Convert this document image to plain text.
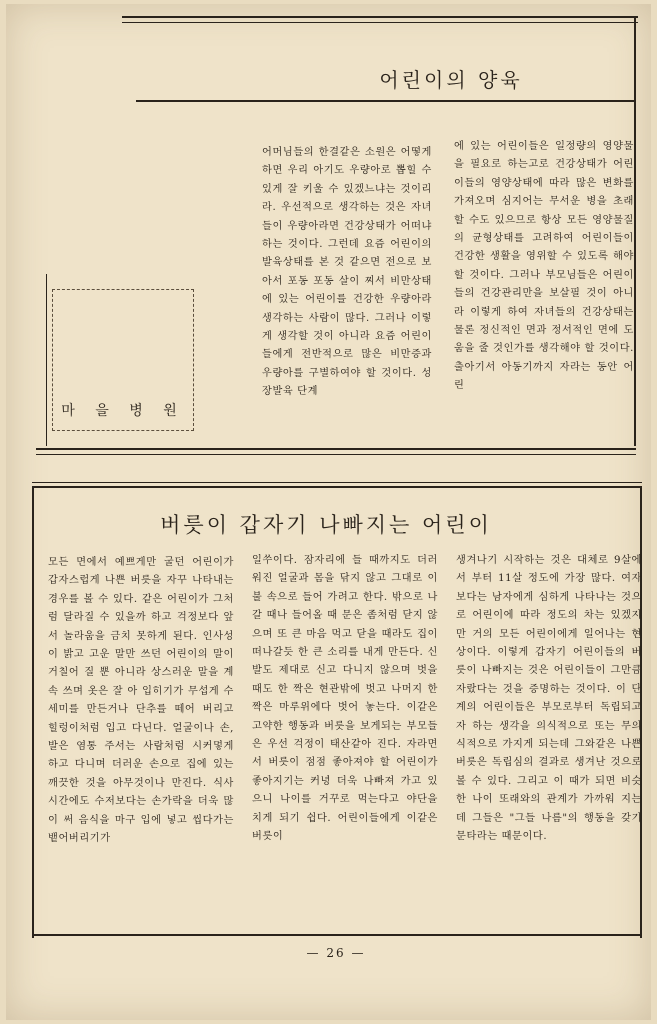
어린이의 양육
마 을 병 원
어머님들의 한결같은 소원은 어떻게 하면 우리 아기도 우량아로 뽑힐 수 있게 잘 키울 수 있겠느냐는 것이리라. 우선적으로 생각하는 것은 자녀들이 우량아라면 건강상태가 어떠냐 하는 것이다. 그런데 요즘 어린이의 발육상태를 본 것 같으면 전으로 보아서 포동 포동 살이 찌서 비만상태에 있는 어린이를 건강한 우량아라 생각하는 사람이 많다. 그러나 이렇게 생각할 것이 아니라 요즘 어린이들에게 전반적으로 많은 비만증과 우량아를 구별하여야 할 것이다. 성장발육 단계
에 있는 어린이들은 일정량의 영양물을 필요로 하는고로 건강상태가 어린이들의 영양상태에 따라 많은 변화를 가져오며 심지어는 무서운 병을 초래할 수도 있으므로 항상 모든 영양물질의 균형상태를 고려하여 어린이들이 건강한 생활을 영위할 수 있도록 해야할 것이다. 그러나 부모님들은 어린이들의 건강관리만을 보살필 것이 아니라 이렇게 하여 자녀들의 건강상태는 물론 정신적인 면과 정서적인 면에 도움을 줄 것인가를 생각해야 할 것이다. 출아기서 아동기까지 자라는 동안 어린
버릇이 갑자기 나빠지는 어린이
모든 면에서 예쁘게만 굴던 어린이가 갑자스럽게 나쁜 버릇을 자꾸 나타내는 경우를 볼 수 있다. 같은 어린이가 그처럼 달라질 수 있을까 하고 걱정보다 앞서 놀라움을 금치 못하게 된다. 인사성이 밝고 고운 말만 쓰던 어린이의 말이 거칠어 질 뿐 아니라 상스러운 말을 계속 쓰며 옷은 잘 아 입히기가 무섭게 수세미를 만든거나 단추를 떼어 버리고 힐렁이처럼 입고 다닌다. 얼굴이나 손, 발은 염통 주서는 사람처럼 시커멓게 하고 다니며 더러운 손으로 집에 있는 깨끗한 것을 아무것이나 만진다. 식사시간에도 수저보다는 손가락을 더욱 많이 써 음식을 마구 입에 넣고 씹다가는 뱉어버리기가
일쑤이다. 잠자리에 들 때까지도 더러워진 얼굴과 몸을 닦지 않고 그대로 이불 속으로 들어 가려고 한다. 밖으로 나갈 때나 들어올 때 문은 좀처럼 닫지 않으며 또 큰 마음 먹고 닫을 때라도 집이 떠나갈듯 한 큰 소리를 내게 만든다. 신발도 제대로 신고 다니지 않으며 벗을 때도 한 짝은 현관밖에 벗고 나머지 한 짝은 마루위에다 벗어 놓는다. 이같은 고약한 행동과 버릇을 보게되는 부모들은 우선 걱정이 태산같아 진다. 자라면서 버릇이 점점 좋아져야 할 어린이가 좋아지기는 커녕 더욱 나빠져 가고 있으니 나이를 거꾸로 먹는다고 야단을 치게 되기 쉽다. 어린이들에게 이같은 버릇이
생겨나기 시작하는 것은 대체로 9살에서 부터 11살 정도에 가장 많다. 여자보다는 남자에게 심하게 나타나는 것으로 어린이에 따라 정도의 차는 있겠지만 거의 모든 어린이에게 일어나는 현상이다. 이렇게 갑자기 어린이들의 버릇이 나빠지는 것은 어린이들이 그만큼 자랐다는 것을 증명하는 것이다. 이 단계의 어린이들은 부모로부터 독립되고자 하는 생각을 의식적으로 또는 무의식적으로 가지게 되는데 그와같은 나쁜 버릇은 독립심의 결과로 생겨난 것으로 볼 수 있다. 그리고 이 때가 되면 비슷한 나이 또래와의 관계가 가까워 지는데 그들은 "그들 나름"의 행동을 갖기 문타라는 때문이다.
— 26 —
